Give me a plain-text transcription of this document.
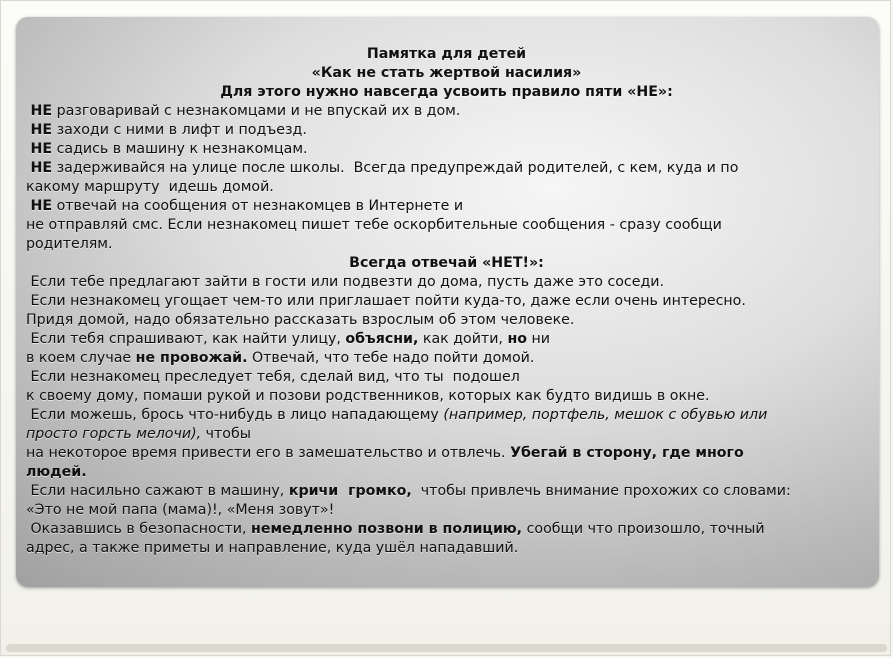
Памятка для детей
«Как не стать жертвой насилия»
Для этого нужно навсегда усвоить правило пяти «НЕ»:
НЕ разговаривай с незнакомцами и не впускай их в дом.
НЕ заходи с ними в лифт и подъезд.
НЕ садись в машину к незнакомцам.
НЕ задерживайся на улице после школы.  Всегда предупреждай родителей, с кем, куда и по
какому маршруту  идешь домой.
НЕ отвечай на сообщения от незнакомцев в Интернете и
не отправляй смс. Если незнакомец пишет тебе оскорбительные сообщения - сразу сообщи
родителям.
Всегда отвечай «НЕТ!»:
Если тебе предлагают зайти в гости или подвезти до дома, пусть даже это соседи.
Если незнакомец угощает чем-то или приглашает пойти куда-то, даже если очень интересно.
Придя домой, надо обязательно рассказать взрослым об этом человеке.
Если тебя спрашивают, как найти улицу, объясни, как дойти, но ни
в коем случае не провожай. Отвечай, что тебе надо пойти домой.
Если незнакомец преследует тебя, сделай вид, что ты  подошел
к своему дому, помаши рукой и позови родственников, которых как будто видишь в окне.
Если можешь, брось что-нибудь в лицо нападающему (например, портфель, мешок с обувью или
просто горсть мелочи), чтобы
на некоторое время привести его в замешательство и отвлечь. Убегай в сторону, где много
людей.
Если насильно сажают в машину, кричи  громко,  чтобы привлечь внимание прохожих со словами:
«Это не мой папа (мама)!, «Меня зовут»!
Оказавшись в безопасности, немедленно позвони в полицию, сообщи что произошло, точный
адрес, а также приметы и направление, куда ушёл нападавший.
